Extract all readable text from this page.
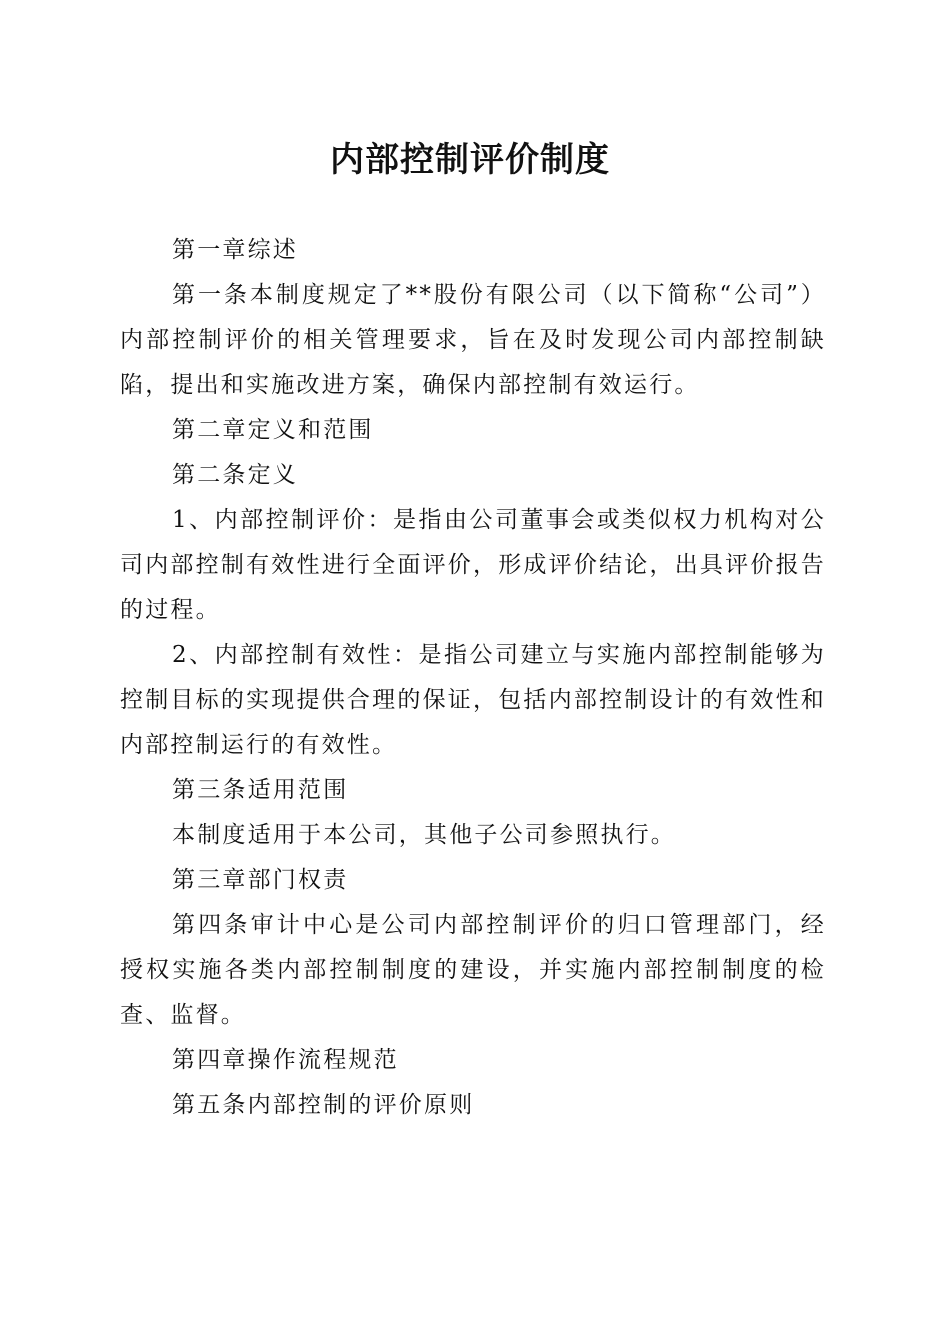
内部控制评价制度

第一章综述

第一条本制度规定了**股份有限公司（以下简称“公司”）内部控制评价的相关管理要求，旨在及时发现公司内部控制缺陷，提出和实施改进方案，确保内部控制有效运行。

第二章定义和范围

第二条定义

1、内部控制评价：是指由公司董事会或类似权力机构对公司内部控制有效性进行全面评价，形成评价结论，出具评价报告的过程。

2、内部控制有效性：是指公司建立与实施内部控制能够为控制目标的实现提供合理的保证，包括内部控制设计的有效性和内部控制运行的有效性。

第三条适用范围

本制度适用于本公司，其他子公司参照执行。

第三章部门权责

第四条审计中心是公司内部控制评价的归口管理部门，经授权实施各类内部控制制度的建设，并实施内部控制制度的检查、监督。

第四章操作流程规范

第五条内部控制的评价原则
